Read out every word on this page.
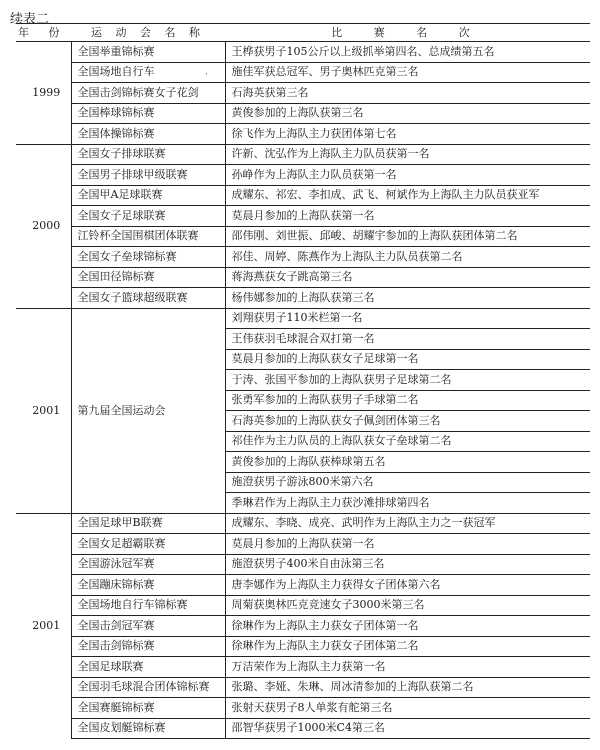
续表二
年 份	运 动 会 名 称	比 赛 名 次
1999	全国举重锦标赛	王桦获男子105公斤以上级抓举第四名、总成绩第五名
	全国场地自行车	施佳军获总冠军、男子奥林匹克第三名
	全国击剑锦标赛女子花剑	石海英获第三名
	全国棒球锦标赛	黄俊参加的上海队获第三名
	全国体操锦标赛	徐飞作为上海队主力获团体第七名
2000	全国女子排球联赛	许新、沈弘作为上海队主力队员获第一名
	全国男子排球甲级联赛	孙峥作为上海队主力队员获第一名
	全国甲A足球联赛	成耀东、祁宏、李扣成、武飞、柯斌作为上海队主力队员获亚军
	全国女子足球联赛	莫晨月参加的上海队获第一名
	江铃杯全国围棋团体联赛	邵伟刚、刘世振、邱峻、胡耀宇参加的上海队获团体第二名
	全国女子垒球锦标赛	祁佳、周婷、陈燕作为上海队主力队员获第二名
	全国田径锦标赛	蒋海燕获女子跳高第三名
	全国女子篮球超级联赛	杨伟娜参加的上海队获第三名
2001	第九届全国运动会	刘翔获男子110米栏第一名
		王伟获羽毛球混合双打第一名
		莫晨月参加的上海队获女子足球第一名
		于涛、张国平参加的上海队获男子足球第二名
		张勇军参加的上海队获男子手球第二名
		石海英参加的上海队获女子佩剑团体第三名
		祁佳作为主力队员的上海队获女子垒球第二名
		黄俊参加的上海队获棒球第五名
		施澄获男子游泳800米第六名
		季琳君作为上海队主力获沙滩排球第四名
2001	全国足球甲B联赛	成耀东、李晓、成亮、武明作为上海队主力之一获冠军
	全国女足超霸联赛	莫晨月参加的上海队获第一名
	全国游泳冠军赛	施澄获男子400米自由泳第三名
	全国蹦床锦标赛	唐李娜作为上海队主力获得女子团体第六名
	全国场地自行车锦标赛	周菊获奥林匹克竞速女子3000米第三名
	全国击剑冠军赛	徐琳作为上海队主力获女子团体第一名
	全国击剑锦标赛	徐琳作为上海队主力获女子团体第二名
	全国足球联赛	万洁荣作为上海队主力获第一名
	全国羽毛球混合团体锦标赛	张璐、李娅、朱琳、周冰清参加的上海队获第二名
	全国赛艇锦标赛	张射天获男子8人单浆有舵第三名
	全国皮划艇锦标赛	邵智华获男子1000米C4第三名
·
